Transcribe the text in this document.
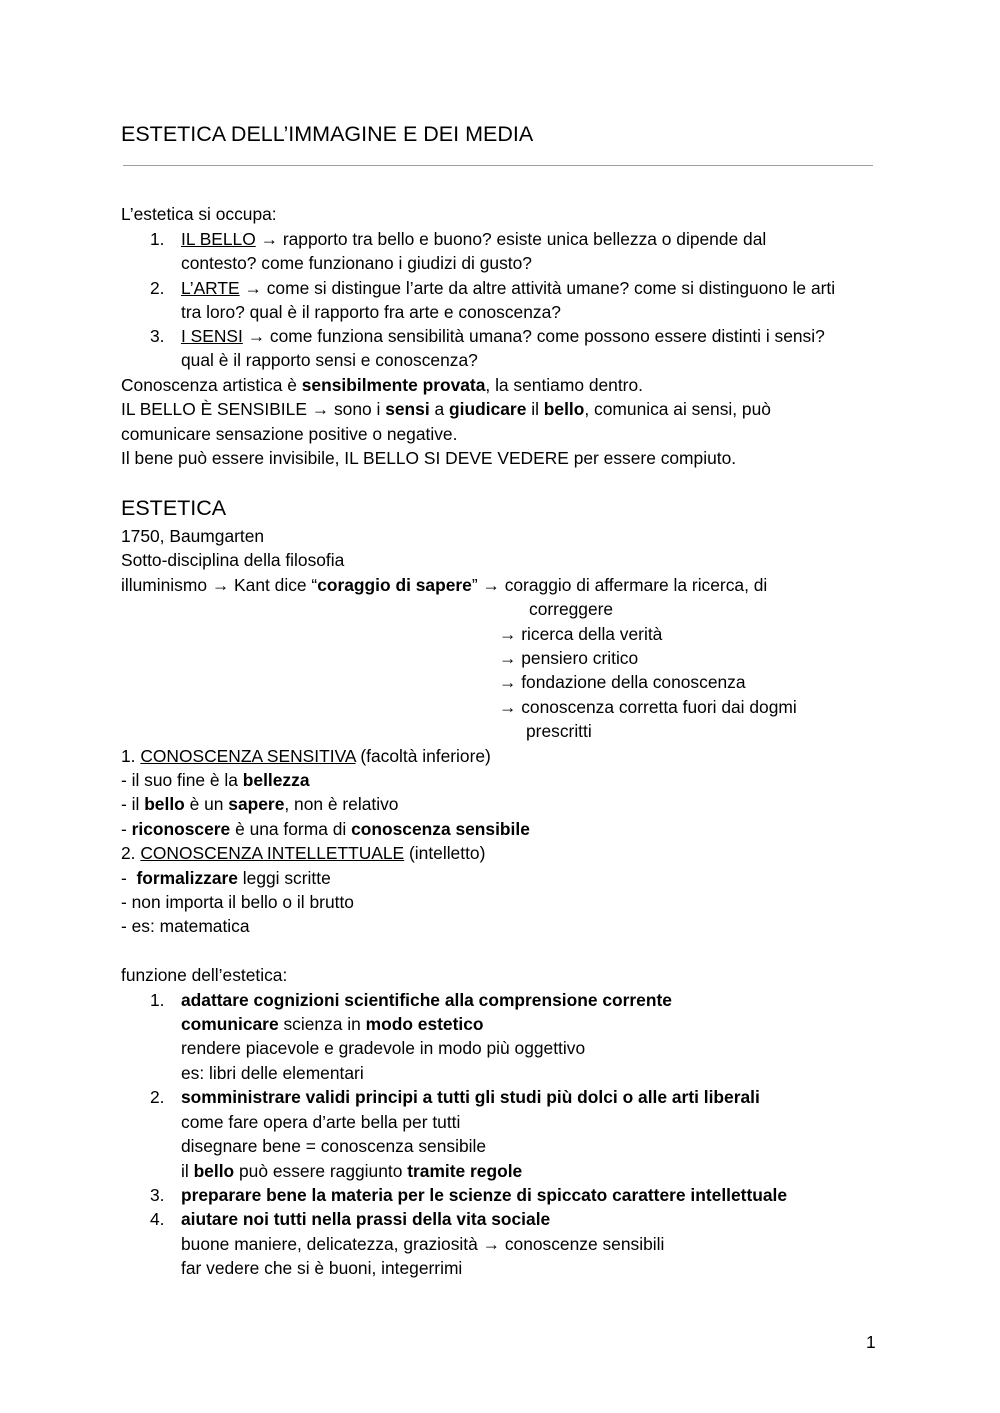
ESTETICA DELL’IMMAGINE E DEI MEDIA
L’estetica si occupa:
1. IL BELLO → rapporto tra bello e buono? esiste unica bellezza o dipende dal
contesto? come funzionano i giudizi di gusto?
2. L’ARTE → come si distingue l’arte da altre attività umane? come si distinguono le arti
tra loro? qual è il rapporto fra arte e conoscenza?
3. I SENSI → come funziona sensibilità umana? come possono essere distinti i sensi?
qual è il rapporto sensi e conoscenza?
Conoscenza artistica è sensibilmente provata, la sentiamo dentro.
IL BELLO È SENSIBILE → sono i sensi a giudicare il bello, comunica ai sensi, può
comunicare sensazione positive o negative.
Il bene può essere invisibile, IL BELLO SI DEVE VEDERE per essere compiuto.
ESTETICA
1750, Baumgarten
Sotto-disciplina della filosofia
illuminismo → Kant dice “coraggio di sapere” → coraggio di affermare la ricerca, di
correggere
→ ricerca della verità
→ pensiero critico
→ fondazione della conoscenza
→ conoscenza corretta fuori dai dogmi
prescritti
1. CONOSCENZA SENSITIVA (facoltà inferiore)
- il suo fine è la bellezza
- il bello è un sapere, non è relativo
- riconoscere è una forma di conoscenza sensibile
2. CONOSCENZA INTELLETTUALE (intelletto)
-  formalizzare leggi scritte
- non importa il bello o il brutto
- es: matematica
funzione dell’estetica:
1. adattare cognizioni scientifiche alla comprensione corrente
comunicare scienza in modo estetico
rendere piacevole e gradevole in modo più oggettivo
es: libri delle elementari
2. somministrare validi principi a tutti gli studi più dolci o alle arti liberali
come fare opera d’arte bella per tutti
disegnare bene = conoscenza sensibile
il bello può essere raggiunto tramite regole
3. preparare bene la materia per le scienze di spiccato carattere intellettuale
4. aiutare noi tutti nella prassi della vita sociale
buone maniere, delicatezza, graziosità → conoscenze sensibili
far vedere che si è buoni, integerrimi
1
